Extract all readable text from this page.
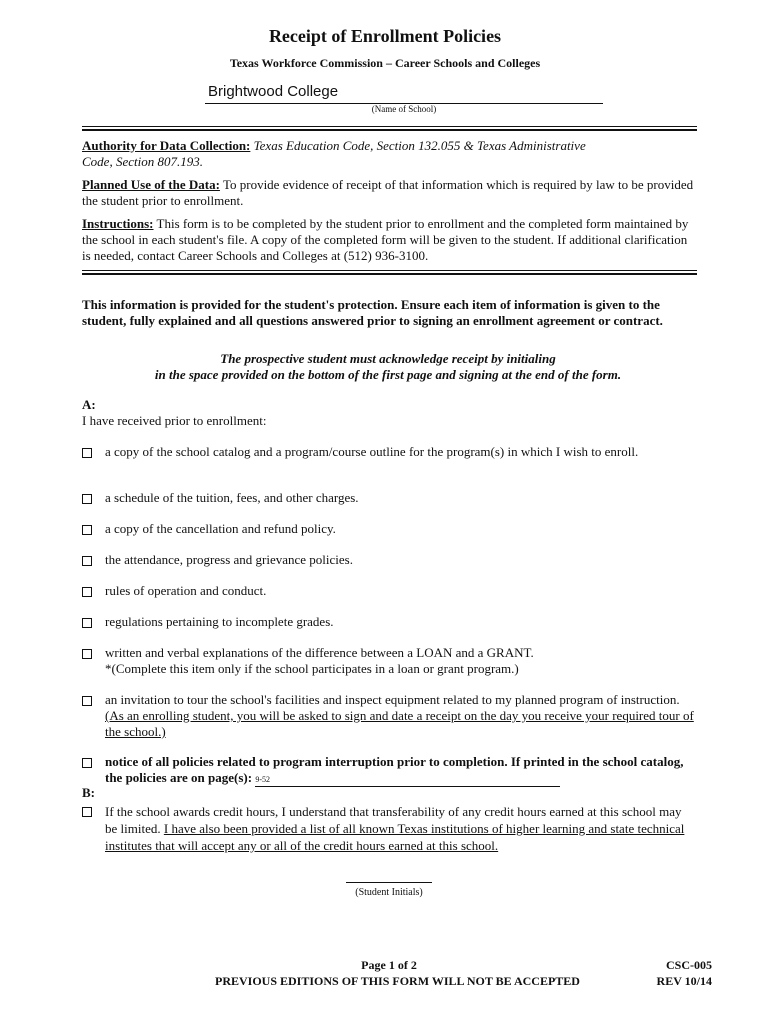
Receipt of Enrollment Policies
Texas Workforce Commission – Career Schools and Colleges
Brightwood College
(Name of School)
Authority for Data Collection: Texas Education Code, Section 132.055 & Texas Administrative
Code, Section 807.193.
Planned Use of the Data: To provide evidence of receipt of that information which is required by law to be provided the student prior to enrollment.
Instructions: This form is to be completed by the student prior to enrollment and the completed form maintained by the school in each student's file. A copy of the completed form will be given to the student. If additional clarification is needed, contact Career Schools and Colleges at (512) 936-3100.
This information is provided for the student's protection. Ensure each item of information is given to the student, fully explained and all questions answered prior to signing an enrollment agreement or contract.
The prospective student must acknowledge receipt by initialing
in the space provided on the bottom of the first page and signing at the end of the form.
A:
I have received prior to enrollment:
a copy of the school catalog and a program/course outline for the program(s) in which I wish to enroll.
a schedule of the tuition, fees, and other charges.
a copy of the cancellation and refund policy.
the attendance, progress and grievance policies.
rules of operation and conduct.
regulations pertaining to incomplete grades.
written and verbal explanations of the difference between a LOAN and a GRANT.
*(Complete this item only if the school participates in a loan or grant program.)
an invitation to tour the school's facilities and inspect equipment related to my planned program of instruction. (As an enrolling student, you will be asked to sign and date a receipt on the day you receive your required tour of the school.)
notice of all policies related to program interruption prior to completion. If printed in the school catalog, the policies are on page(s): 9-52
B:
If the school awards credit hours, I understand that transferability of any credit hours earned at this school may be limited. I have also been provided a list of all known Texas institutions of higher learning and state technical institutes that will accept any or all of the credit hours earned at this school.
(Student Initials)
Page 1 of 2
PREVIOUS EDITIONS OF THIS FORM WILL NOT BE ACCEPTED
CSC-005
REV 10/14
